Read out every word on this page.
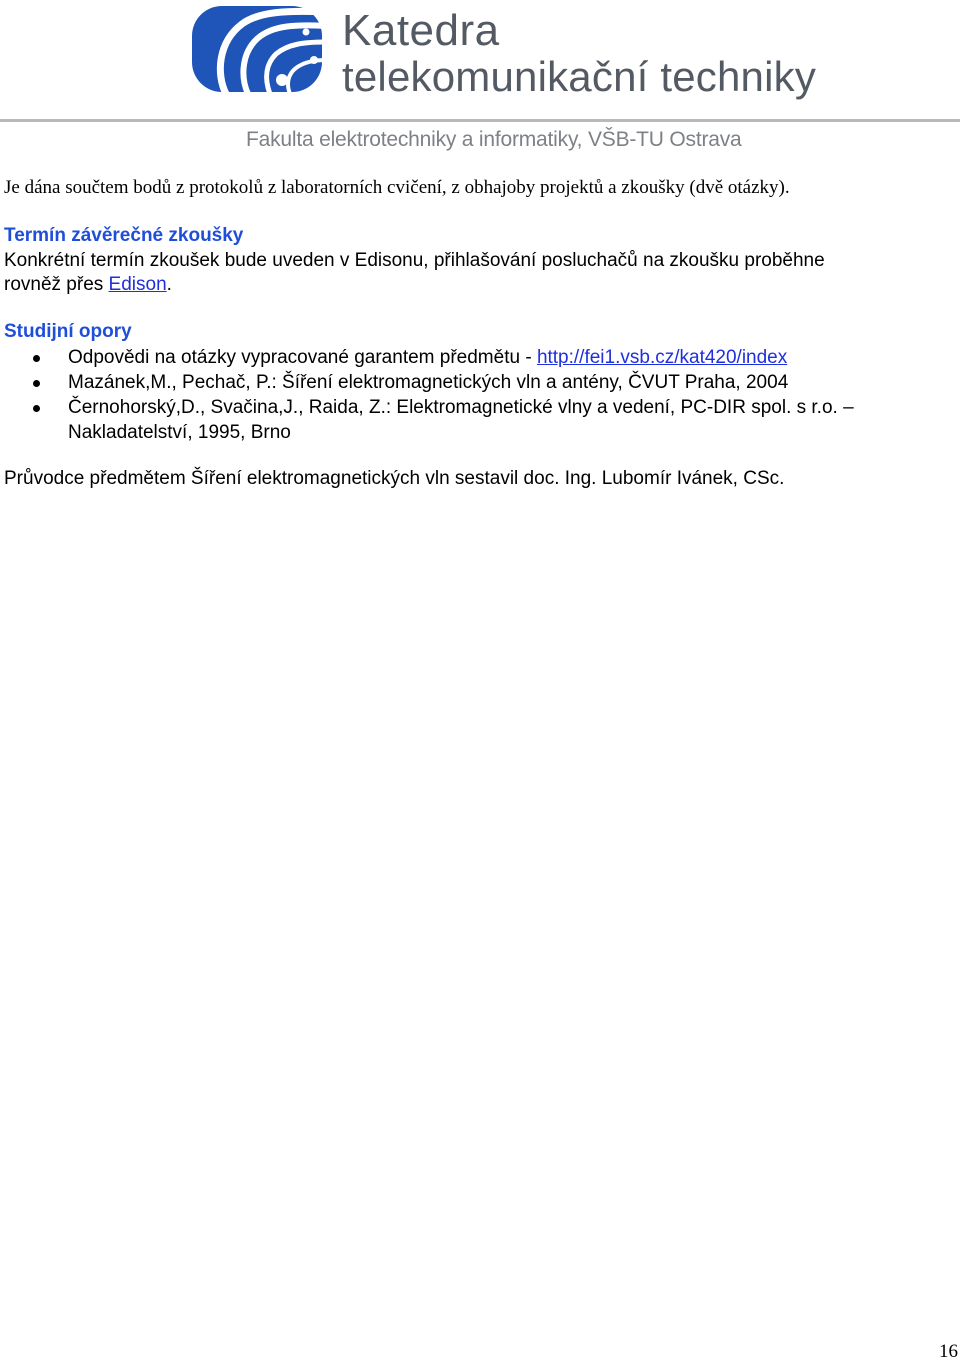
Katedra
telekomunikační techniky
Fakulta elektrotechniky a informatiky, VŠB-TU Ostrava
Je dána součtem bodů z protokolů z laboratorních cvičení, z obhajoby projektů a zkoušky (dvě otázky).
Termín závěrečné zkoušky
Konkrétní termín zkoušek bude uveden v Edisonu, přihlašování posluchačů na zkoušku proběhne
rovněž přes Edison.
Studijní opory
Odpovědi na otázky vypracované garantem předmětu - http://fei1.vsb.cz/kat420/index
Mazánek,M., Pechač, P.: Šíření elektromagnetických vln a antény, ČVUT Praha, 2004
Černohorský,D., Svačina,J., Raida, Z.: Elektromagnetické vlny a vedení, PC-DIR spol. s r.o. –
Nakladatelství, 1995, Brno
Průvodce předmětem Šíření elektromagnetických vln sestavil doc. Ing. Lubomír Ivánek, CSc.
16
